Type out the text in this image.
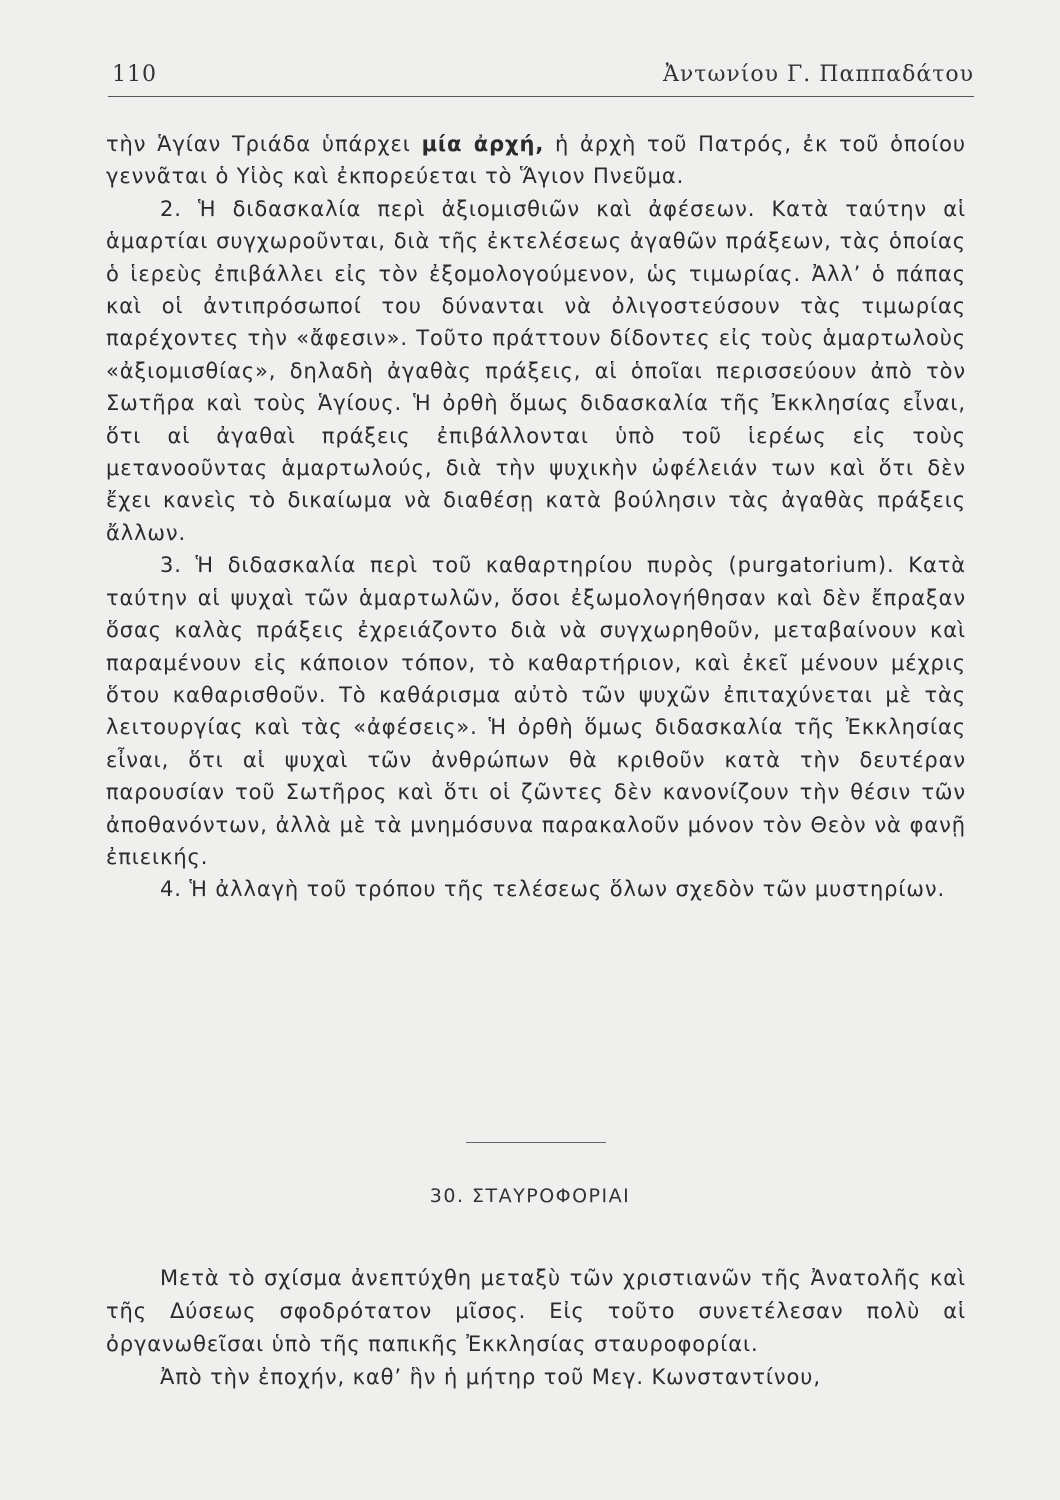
110	Ἀντωνίου Γ. Παππαδάτου

τὴν Ἁγίαν Τριάδα ὑπάρχει μία ἀρχή, ἡ ἀρχὴ τοῦ Πατρός, ἐκ τοῦ ὁποίου γεννᾶται ὁ Υἱὸς καὶ ἐκπορεύεται τὸ Ἅγιον Πνεῦμα.

2. Ἡ διδασκαλία περὶ ἀξιομισθιῶν καὶ ἀφέσεων. Κατὰ ταύτην αἱ ἁμαρτίαι συγχωροῦνται, διὰ τῆς ἐκτελέσεως ἀγαθῶν πράξεων, τὰς ὁποίας ὁ ἱερεὺς ἐπιβάλλει εἰς τὸν ἐξομολογούμενον, ὡς τιμωρίας. Ἀλλ’ ὁ πάπας καὶ οἱ ἀντιπρόσωποί του δύνανται νὰ ὀλιγοστεύσουν τὰς τιμωρίας παρέχοντες τὴν «ἄφεσιν». Τοῦτο πράττουν δίδοντες εἰς τοὺς ἁμαρτωλοὺς «ἀξιομισθίας», δηλαδὴ ἀγαθὰς πράξεις, αἱ ὁποῖαι περισσεύουν ἀπὸ τὸν Σωτῆρα καὶ τοὺς Ἁγίους. Ἡ ὀρθὴ ὅμως διδασκαλία τῆς Ἐκκλησίας εἶναι, ὅτι αἱ ἀγαθαὶ πράξεις ἐπιβάλλονται ὑπὸ τοῦ ἱερέως εἰς τοὺς μετανοοῦντας ἁμαρτωλούς, διὰ τὴν ψυχικὴν ὠφέλειάν των καὶ ὅτι δὲν ἔχει κανεὶς τὸ δικαίωμα νὰ διαθέσῃ κατὰ βούλησιν τὰς ἀγαθὰς πράξεις ἄλλων.

3. Ἡ διδασκαλία περὶ τοῦ καθαρτηρίου πυρὸς (purgatorium). Κατὰ ταύτην αἱ ψυχαὶ τῶν ἁμαρτωλῶν, ὅσοι ἐξωμολογήθησαν καὶ δὲν ἔπραξαν ὅσας καλὰς πράξεις ἐχρειάζοντο διὰ νὰ συγχωρηθοῦν, μεταβαίνουν καὶ παραμένουν εἰς κάποιον τόπον, τὸ καθαρτήριον, καὶ ἐκεῖ μένουν μέχρις ὅτου καθαρισθοῦν. Τὸ καθάρισμα αὐτὸ τῶν ψυχῶν ἐπιταχύνεται μὲ τὰς λειτουργίας καὶ τὰς «ἀφέσεις». Ἡ ὀρθὴ ὅμως διδασκαλία τῆς Ἐκκλησίας εἶναι, ὅτι αἱ ψυχαὶ τῶν ἀνθρώπων θὰ κριθοῦν κατὰ τὴν δευτέραν παρουσίαν τοῦ Σωτῆρος καὶ ὅτι οἱ ζῶντες δὲν κανονίζουν τὴν θέσιν τῶν ἀποθανόντων, ἀλλὰ μὲ τὰ μνημόσυνα παρακαλοῦν μόνον τὸν Θεὸν νὰ φανῇ ἐπιεικής.

4. Ἡ ἀλλαγὴ τοῦ τρόπου τῆς τελέσεως ὅλων σχεδὸν τῶν μυστηρίων.

30. ΣΤΑΥΡΟΦΟΡΙΑΙ

Μετὰ τὸ σχίσμα ἀνεπτύχθη μεταξὺ τῶν χριστιανῶν τῆς Ἀνατολῆς καὶ τῆς Δύσεως σφοδρότατον μῖσος. Εἰς τοῦτο συνετέλεσαν πολὺ αἱ ὀργανωθεῖσαι ὑπὸ τῆς παπικῆς Ἐκκλησίας σταυροφορίαι.

Ἀπὸ τὴν ἐποχήν, καθ’ ἣν ἡ μήτηρ τοῦ Μεγ. Κωνσταντίνου,
